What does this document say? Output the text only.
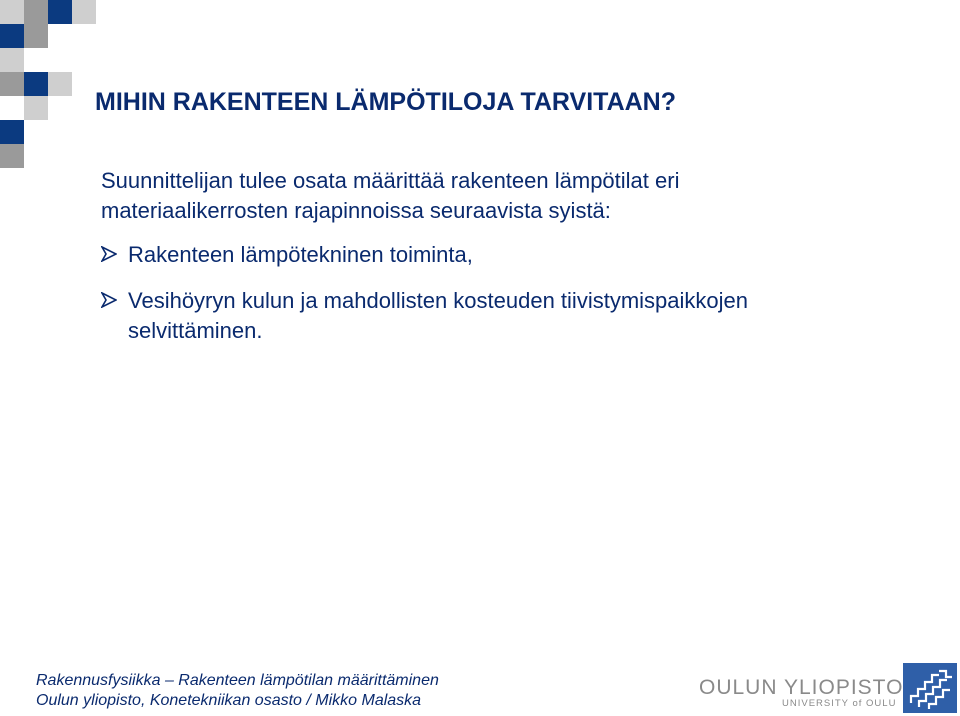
MIHIN RAKENTEEN LÄMPÖTILOJA TARVITAAN?
Suunnittelijan tulee osata määrittää rakenteen lämpötilat eri materiaalikerrosten rajapinnoissa seuraavista syistä:
Rakenteen lämpötekninen toiminta,
Vesihöyryn kulun ja mahdollisten kosteuden tiivistymispaikkojen selvittäminen.
Rakennusfysiikka – Rakenteen lämpötilan määrittäminen
Oulun yliopisto, Konetekniikan osasto / Mikko Malaska
OULUN YLIOPISTO
UNIVERSITY of OULU
